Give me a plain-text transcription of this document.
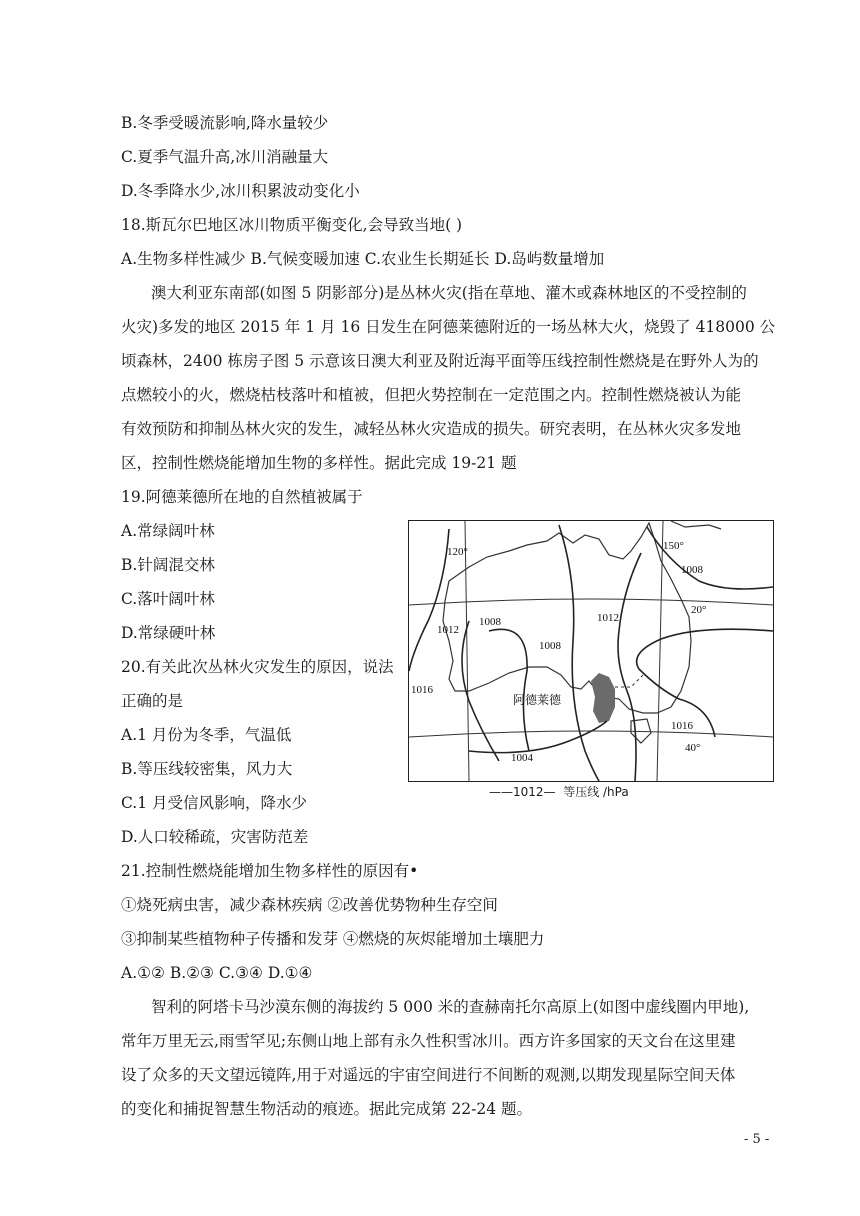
B.冬季受暖流影响,降水量较少
C.夏季气温升高,冰川消融量大
D.冬季降水少,冰川积累波动变化小
18.斯瓦尔巴地区冰川物质平衡变化,会导致当地( )
A.生物多样性减少 B.气候变暖加速 C.农业生长期延长 D.岛屿数量增加
澳大利亚东南部(如图 5 阴影部分)是丛林火灾(指在草地、灌木或森林地区的不受控制的
火灾)多发的地区 2015 年 1 月 16 日发生在阿德莱德附近的一场丛林大火，烧毁了 418000 公
顷森林，2400 栋房子图 5 示意该日澳大利亚及附近海平面等压线控制性燃烧是在野外人为的
点燃较小的火，燃烧枯枝落叶和植被，但把火势控制在一定范围之内。控制性燃烧被认为能
有效预防和抑制丛林火灾的发生，减轻丛林火灾造成的损失。研究表明，在丛林火灾多发地
区，控制性燃烧能增加生物的多样性。据此完成 19-21 题
19.阿德莱德所在地的自然植被属于
A.常绿阔叶林
B.针阔混交林
C.落叶阔叶林
D.常绿硬叶林
20.有关此次丛林火灾发生的原因，说法
正确的是
A.1 月份为冬季，气温低
B.等压线较密集，风力大
C.1 月受信风影响，降水少
D.人口较稀疏，灾害防范差
21.控制性燃烧能增加生物多样性的原因有•
①烧死病虫害，减少森林疾病 ②改善优势物种生存空间
③抑制某些植物种子传播和发芽 ④燃烧的灰烬能增加土壤肥力
A.①② B.②③ C.③④ D.①④
智利的阿塔卡马沙漠东侧的海拔约 5 000 米的查赫南托尔高原上(如图中虚线圈内甲地),
常年万里无云,雨雪罕见;东侧山地上部有永久性积雪冰川。西方许多国家的天文台在这里建
设了众多的天文望远镜阵,用于对遥远的宇宙空间进行不间断的观测,以期发现星际空间天体
的变化和捕捉智慧生物活动的痕迹。据此完成第 22-24 题。
120°	150°
20°
40°
1008
1012
1008	1012
1008
1016
1016
1004
阿德莱德
——1012—  等压线 /hPa
- 5 -
